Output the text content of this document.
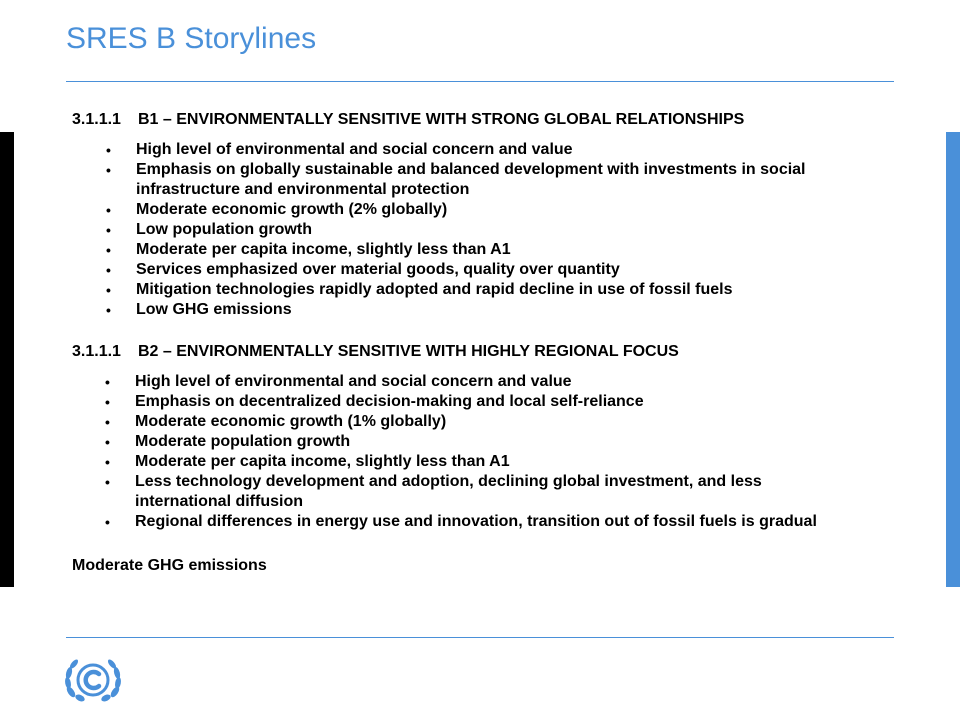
SRES B Storylines

3.1.1.1 B1 – ENVIRONMENTALLY SENSITIVE WITH STRONG GLOBAL RELATIONSHIPS

• High level of environmental and social concern and value
• Emphasis on globally sustainable and balanced development with investments in social infrastructure and environmental protection
• Moderate economic growth (2% globally)
• Low population growth
• Moderate per capita income, slightly less than A1
• Services emphasized over material goods, quality over quantity
• Mitigation technologies rapidly adopted and rapid decline in use of fossil fuels
• Low GHG emissions

3.1.1.1 B2 – ENVIRONMENTALLY SENSITIVE WITH HIGHLY REGIONAL FOCUS

• High level of environmental and social concern and value
• Emphasis on decentralized decision-making and local self-reliance
• Moderate economic growth (1% globally)
• Moderate population growth
• Moderate per capita income, slightly less than A1
• Less technology development and adoption, declining global investment, and less international diffusion
• Regional differences in energy use and innovation, transition out of fossil fuels is gradual

Moderate GHG emissions
